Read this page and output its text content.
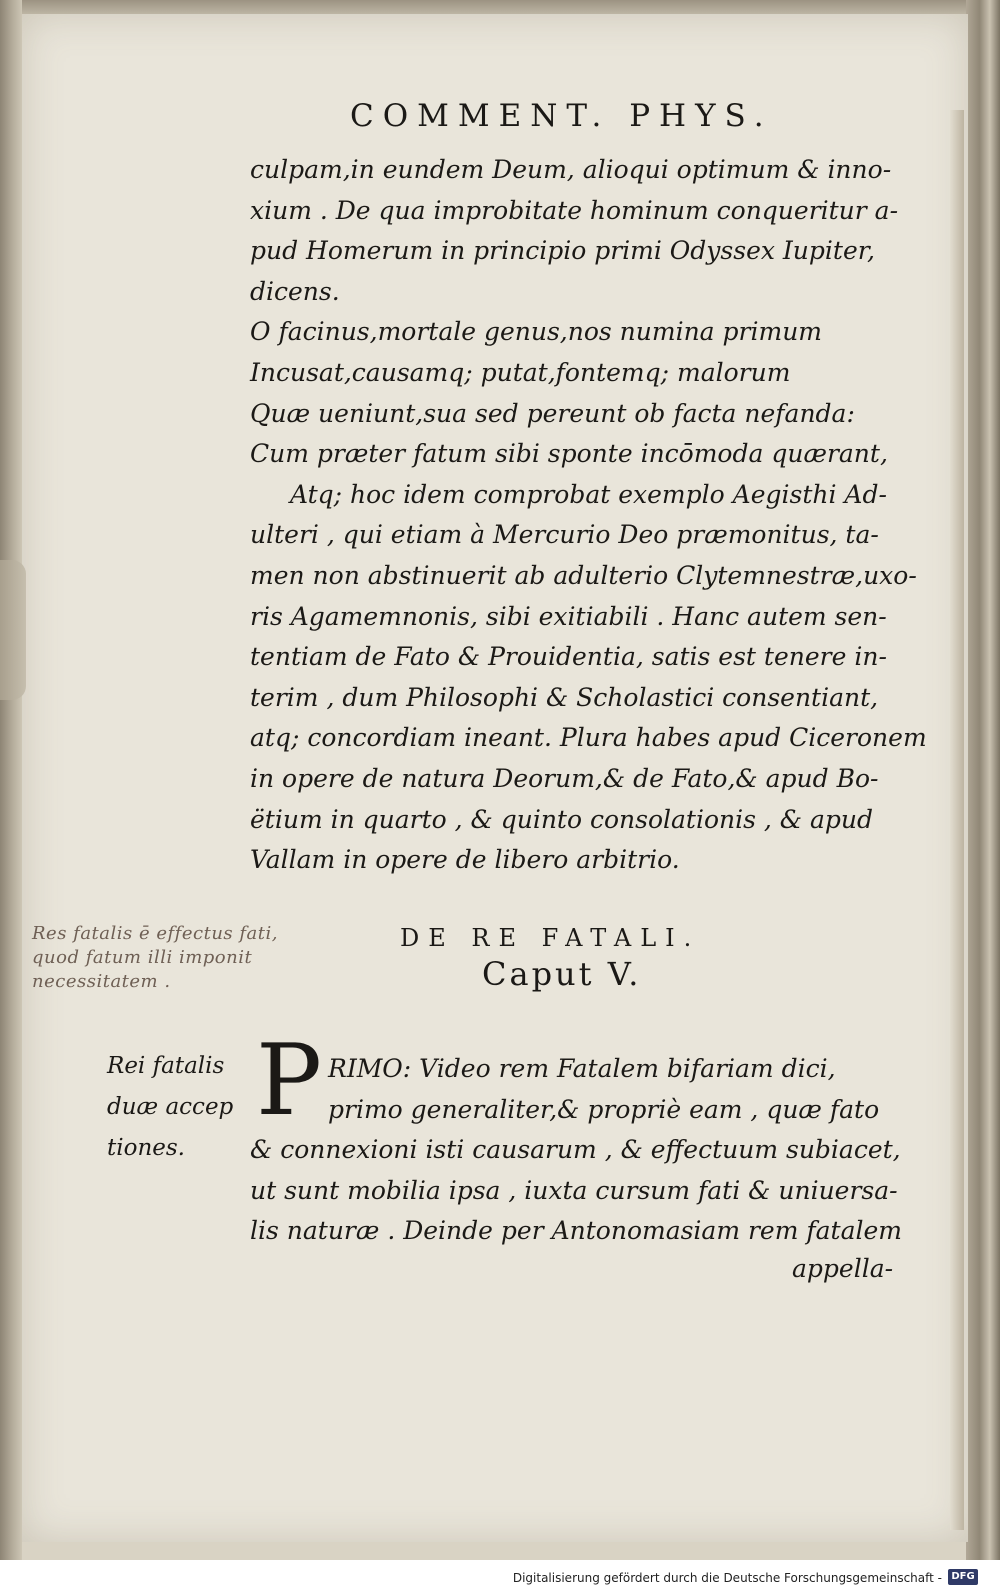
COMMENT. PHYS.
culpam,in eundem Deum, alioqui optimum & inno-
xium . De qua improbitate hominum conqueritur a-
pud Homerum in principio primi Odyssex Iupiter,
dicens.
O facinus,mortale genus,nos numina primum
Incusat,causamq; putat,fontemq; malorum
Quæ ueniunt,sua sed pereunt ob facta nefanda:
Cum præter fatum sibi sponte incōmoda quærant,
Atq; hoc idem comprobat exemplo Aegisthi Ad-
ulteri , qui etiam à Mercurio Deo præmonitus, ta-
men non abstinuerit ab adulterio Clytemnestræ,uxo-
ris Agamemnonis, sibi exitiabili . Hanc autem sen-
tentiam de Fato & Prouidentia, satis est tenere in-
terim , dum Philosophi & Scholastici consentiant,
atq; concordiam ineant. Plura habes apud Ciceronem
in opere de natura Deorum,& de Fato,& apud Bo-
ëtium in quarto , & quinto consolationis , & apud
Vallam in opere de libero arbitrio.
Res fatalis ē effectus fati,
quod fatum illi imponit
necessitatem .
DE RE FATALI.
Caput V.
Rei fatalis
duæ accep
tiones.
P RIMO: Video rem Fatalem bifariam dici,
primo generaliter,& propriè eam , quæ fato
& connexioni isti causarum , & effectuum subiacet,
ut sunt mobilia ipsa , iuxta cursum fati & uniuersa-
lis naturæ . Deinde per Antonomasiam rem fatalem
appella-
Digitalisierung gefördert durch die Deutsche Forschungsgemeinschaft - DFG
